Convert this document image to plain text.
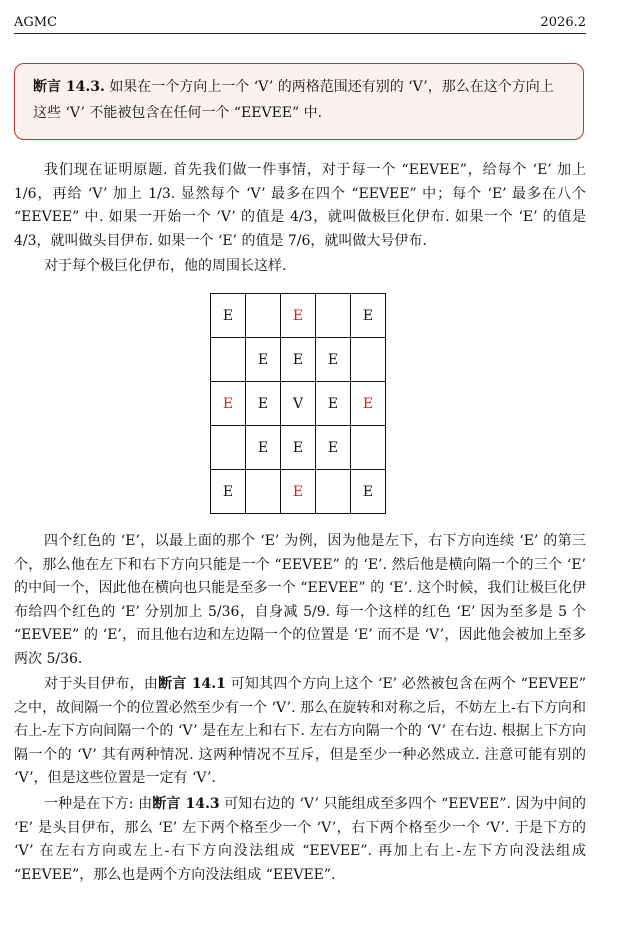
AGMC	2026.2
断言 14.3. 如果在一个方向上一个 ‘V’ 的两格范围还有别的 ‘V’，那么在这个方向上这些 ‘V’ 不能被包含在任何一个 “EEVEE” 中.
我们现在证明原题. 首先我们做一件事情，对于每一个 “EEVEE”，给每个 ‘E’ 加上 1/6，再给 ‘V’ 加上 1/3. 显然每个 ‘V’ 最多在四个 “EEVEE” 中；每个 ‘E’ 最多在八个 “EEVEE” 中. 如果一开始一个 ‘V’ 的值是 4/3，就叫做极巨化伊布. 如果一个 ‘E’ 的值是 4/3，就叫做头目伊布. 如果一个 ‘E’ 的值是 7/6，就叫做大号伊布.
对于每个极巨化伊布，他的周围长这样.
E		E		E
	E	E	E	
E	E	V	E	E
	E	E	E	
E		E		E
四个红色的 ‘E’，以最上面的那个 ‘E’ 为例，因为他是左下，右下方向连续 ‘E’ 的第三个，那么他在左下和右下方向只能是一个 “EEVEE” 的 ‘E’. 然后他是横向隔一个的三个 ‘E’ 的中间一个，因此他在横向也只能是至多一个 “EEVEE” 的 ‘E’. 这个时候，我们让极巨化伊布给四个红色的 ‘E’ 分别加上 5/36，自身减 5/9. 每一个这样的红色 ‘E’ 因为至多是 5 个 “EEVEE” 的 ‘E’，而且他右边和左边隔一个的位置是 ‘E’ 而不是 ‘V’，因此他会被加上至多两次 5/36.
对于头目伊布，由断言 14.1 可知其四个方向上这个 ‘E’ 必然被包含在两个 “EEVEE” 之中，故间隔一个的位置必然至少有一个 ‘V’. 那么在旋转和对称之后，不妨左上-右下方向和右上-左下方向间隔一个的 ‘V’ 是在左上和右下. 左右方向隔一个的 ‘V’ 在右边. 根据上下方向隔一个的 ‘V’ 其有两种情况. 这两种情况不互斥，但是至少一种必然成立. 注意可能有别的 ‘V’，但是这些位置是一定有 ‘V’.
一种是在下方: 由断言 14.3 可知右边的 ‘V’ 只能组成至多四个 “EEVEE”. 因为中间的 ‘E’ 是头目伊布，那么 ‘E’ 左下两个格至少一个 ‘V’，右下两个格至少一个 ‘V’. 于是下方的 ‘V’ 在左右方向或左上-右下方向没法组成 “EEVEE”. 再加上右上-左下方向没法组成 “EEVEE”，那么也是两个方向没法组成 “EEVEE”.
